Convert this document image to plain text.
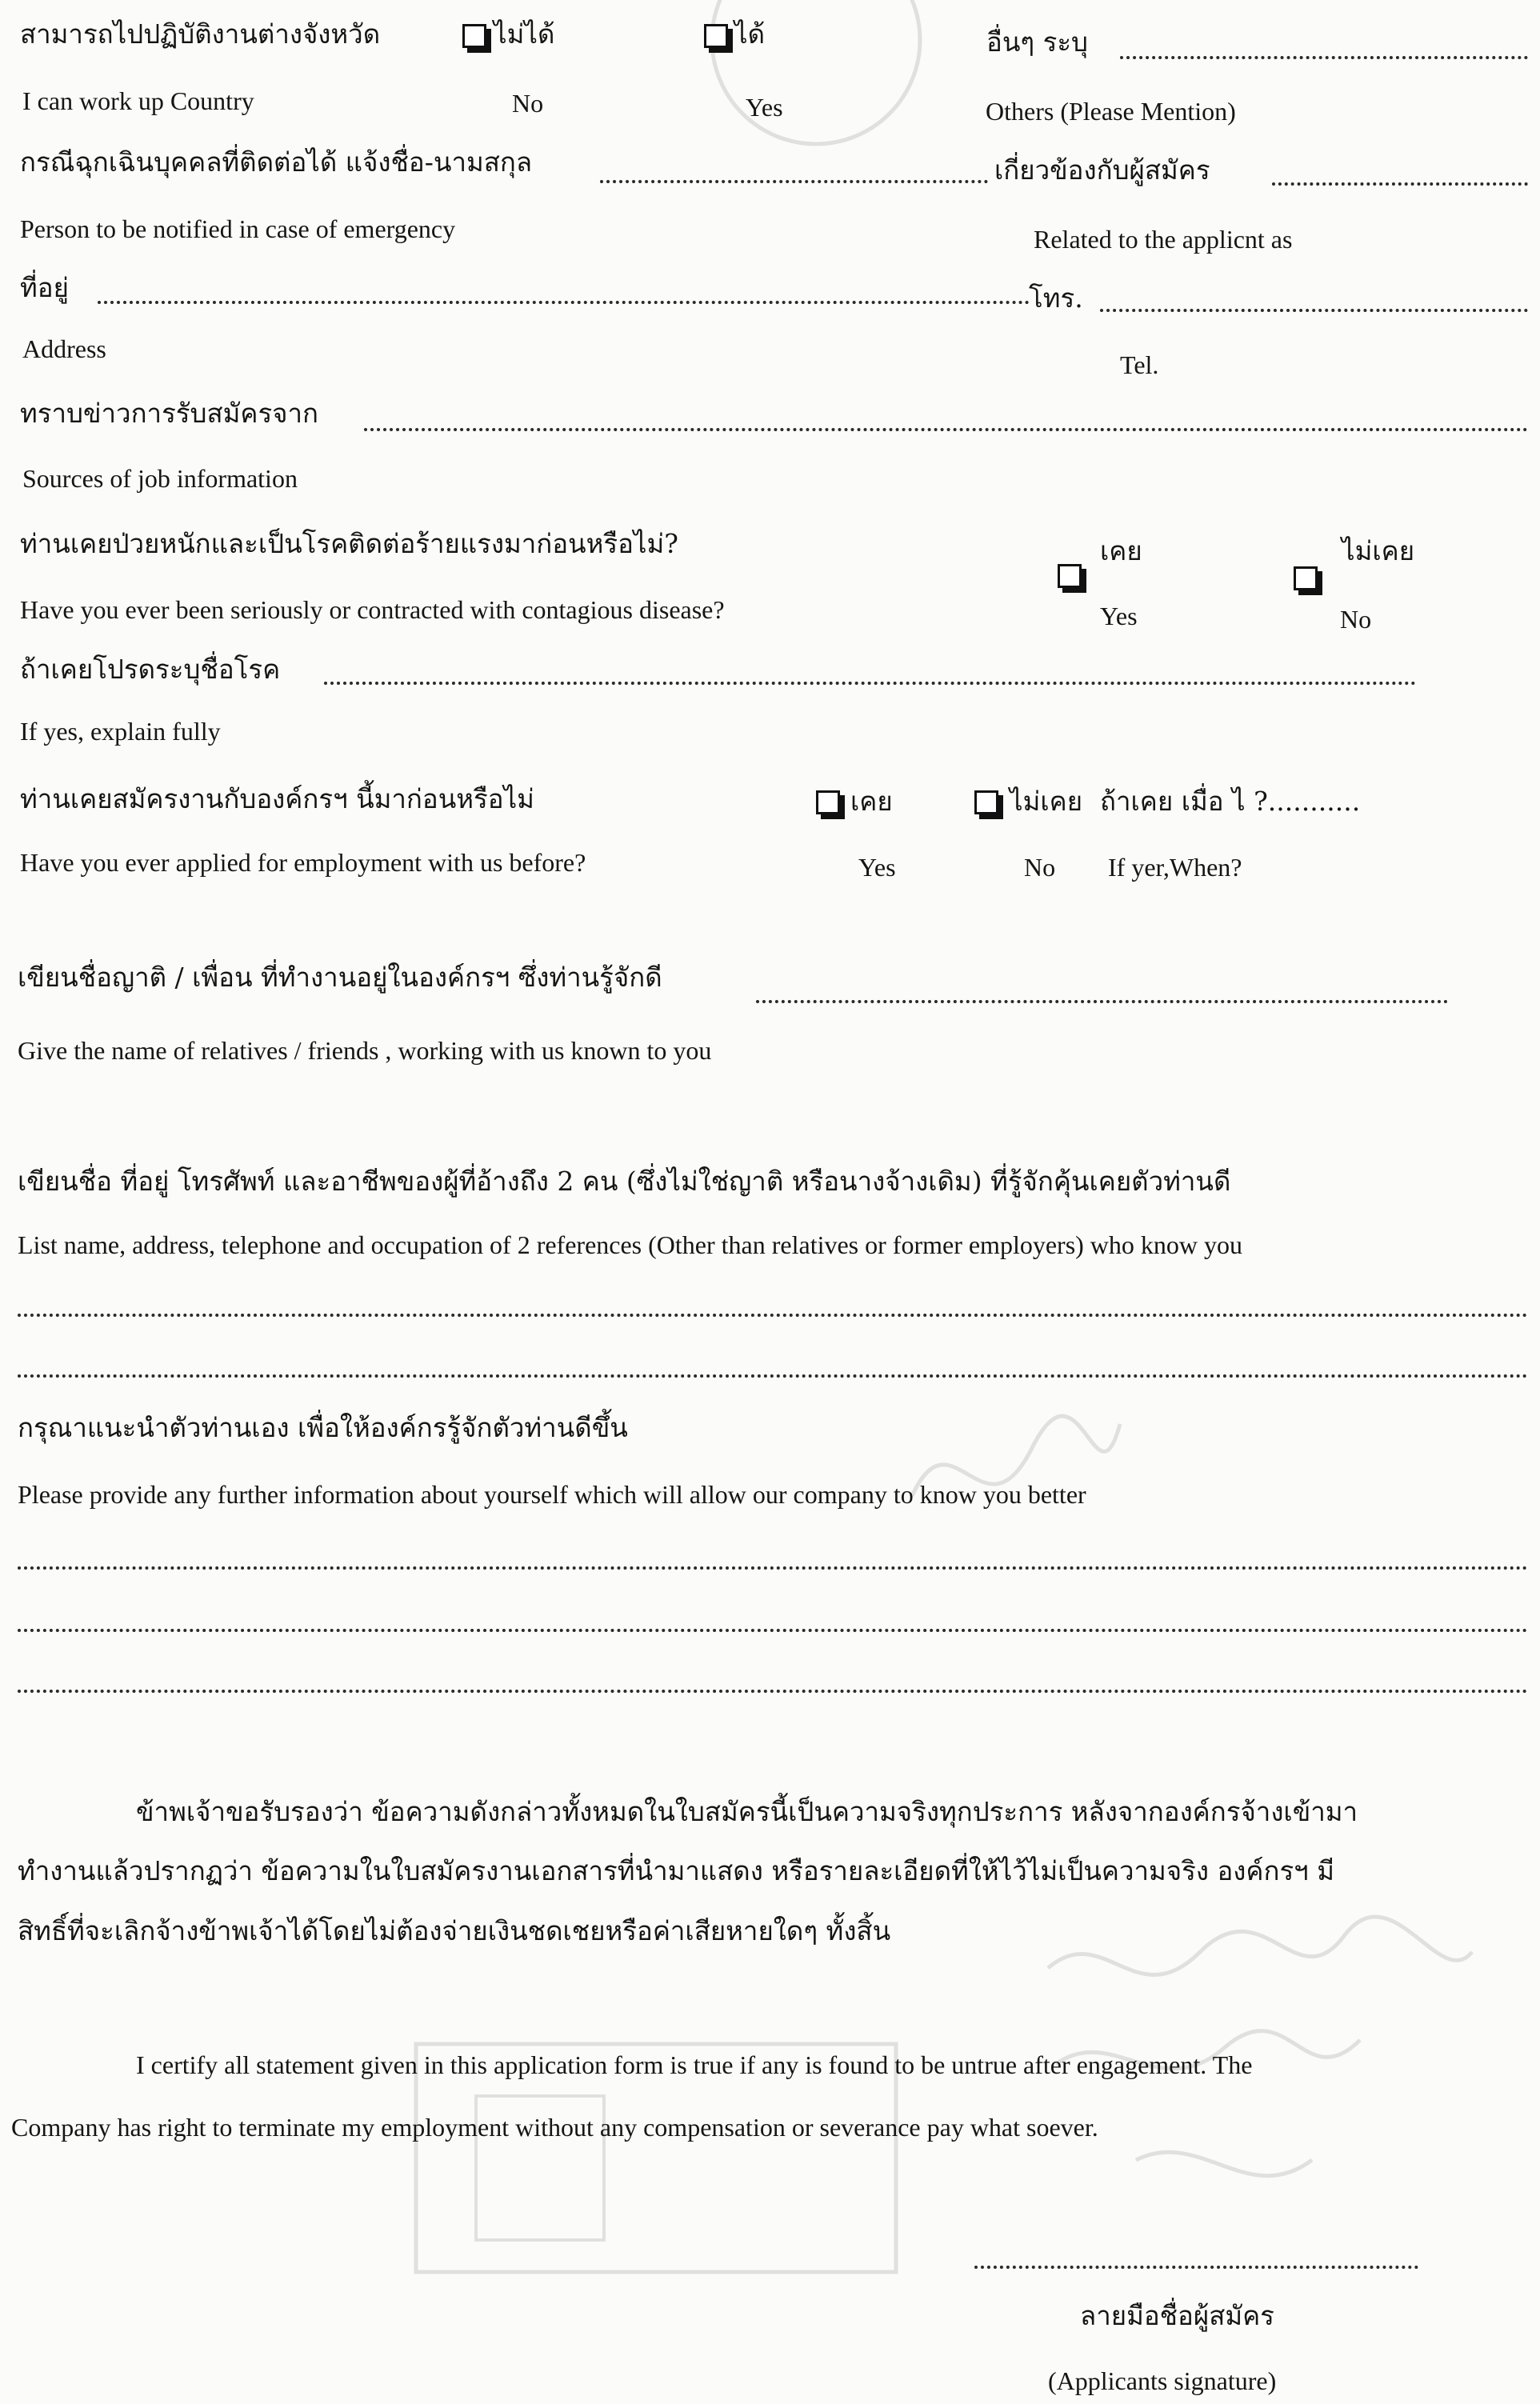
สามารถไปปฏิบัติงานต่างจังหวัด	ไม่ได้	ได้	อื่นๆ ระบุ
I can work up Country	No	Yes	Others (Please Mention)
กรณีฉุกเฉินบุคคลที่ติดต่อได้ แจ้งชื่อ-นามสกุล	เกี่ยวข้องกับผู้สมัคร
Person to be notified in case of emergency	Related to the applicnt as
ที่อยู่	โทร.
Address
Tel.
ทราบข่าวการรับสมัครจาก
Sources of job information
ท่านเคยป่วยหนักและเป็นโรคติดต่อร้ายแรงมาก่อนหรือไม่?	เคย	ไม่เคย
Have you ever been seriously or contracted with contagious disease?	Yes	No
ถ้าเคยโปรดระบุชื่อโรค
If yes, explain fully
ท่านเคยสมัครงานกับองค์กรฯ นี้มาก่อนหรือไม่	เคย	ไม่เคย ถ้าเคย เมื่อ ไ ?...........
Have you ever applied for employment with us before?	Yes	No If yer,When?
เขียนชื่อญาติ / เพื่อน ที่ทำงานอยู่ในองค์กรฯ ซึ่งท่านรู้จักดี
Give the name of relatives / friends , working with us known to you
เขียนชื่อ ที่อยู่ โทรศัพท์ และอาชีพของผู้ที่อ้างถึง 2 คน (ซึ่งไม่ใช่ญาติ หรือนางจ้างเดิม) ที่รู้จักคุ้นเคยตัวท่านดี
List name, address, telephone and occupation of 2 references (Other than relatives or former employers) who know you
กรุณาแนะนำตัวท่านเอง เพื่อให้องค์กรรู้จักตัวท่านดีขึ้น
Please provide any further information about yourself which will allow our company to know you better
ข้าพเจ้าขอรับรองว่า ข้อความดังกล่าวทั้งหมดในใบสมัครนี้เป็นความจริงทุกประการ หลังจากองค์กรจ้างเข้ามา
ทำงานแล้วปรากฏว่า ข้อความในใบสมัครงานเอกสารที่นำมาแสดง หรือรายละเอียดที่ให้ไว้ไม่เป็นความจริง องค์กรฯ มี
สิทธิ์ที่จะเลิกจ้างข้าพเจ้าได้โดยไม่ต้องจ่ายเงินชดเชยหรือค่าเสียหายใดๆ ทั้งสิ้น
I certify all statement given in this application form is true if any is found to be untrue after engagement. The
Company has right to terminate my employment without any compensation or severance pay what soever.
ลายมือชื่อผู้สมัคร
(Applicants signature)
